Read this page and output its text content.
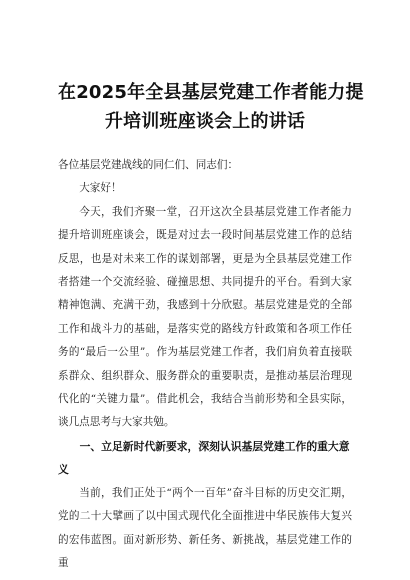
在2025年全县基层党建工作者能力提
升培训班座谈会上的讲话

各位基层党建战线的同仁们、同志们：

大家好！

今天，我们齐聚一堂，召开这次全县基层党建工作者能力提升培训班座谈会，既是对过去一段时间基层党建工作的总结反思，也是对未来工作的谋划部署，更是为全县基层党建工作者搭建一个交流经验、碰撞思想、共同提升的平台。看到大家精神饱满、充满干劲，我感到十分欣慰。基层党建是党的全部工作和战斗力的基础，是落实党的路线方针政策和各项工作任务的“最后一公里”。作为基层党建工作者，我们肩负着直接联系群众、组织群众、服务群众的重要职责，是推动基层治理现代化的“关键力量”。借此机会，我结合当前形势和全县实际，谈几点思考与大家共勉。

一、立足新时代新要求，深刻认识基层党建工作的重大意义

当前，我们正处于“两个一百年”奋斗目标的历史交汇期，党的二十大擘画了以中国式现代化全面推进中华民族伟大复兴的宏伟蓝图。面对新形势、新任务、新挑战，基层党建工作的重
